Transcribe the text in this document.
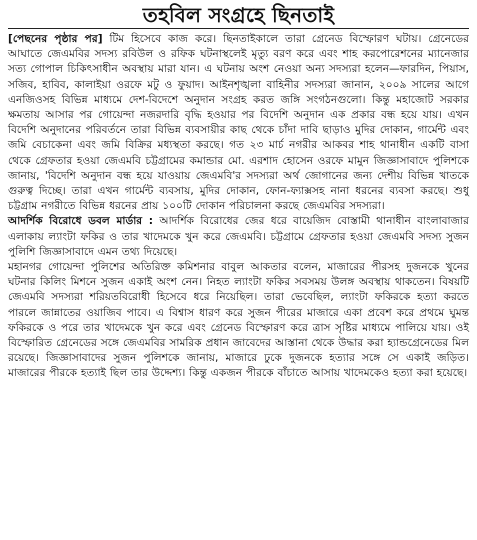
তহবিল সংগ্রহে ছিনতাই

[পেছনের পৃষ্ঠার পর] টিম হিসেবে কাজ করে। ছিনতাইকালে তারা গ্রেনেড বিস্ফোরণ ঘটায়। গ্রেনেডের আঘাতে জেএমবির সদস্য রবিউল ও রফিক ঘটনাস্থলেই মৃত্যু বরণ করে এবং শাহ করপোরেশনের ম্যানেজার সত্য গোপাল চিকিৎসাধীন অবস্থায় মারা যান। এ ঘটনায় অংশ নেওয়া অন্য সদস্যরা হলেন—ফারদিন, পিয়াস, সজিব, হাবিব, কালাইয়া ওরফে মটু ও ফুয়াদ। আইনশৃঙ্খলা বাহিনীর সদস্যরা জানান, ২০০৯ সালের আগে এনজিওসহ বিভিন্ন মাধ্যমে দেশ-বিদেশে অনুদান সংগ্রহ করত জঙ্গি সংগঠনগুলো। কিন্তু মহাজোট সরকার ক্ষমতায় আসার পর গোয়েন্দা নজরদারি বৃদ্ধি হওয়ার পর বিদেশি অনুদান এক প্রকার বন্ধ হয়ে যায়। এখন বিদেশি অনুদানের পরিবর্তনে তারা বিভিন্ন ব্যবসায়ীর কাছ থেকে চাঁদা দাবি ছাড়াও মুদির দোকান, গার্মেন্ট এবং জমি বেচাকেনা এবং জমি বিক্রির মধ্যস্থতা করছে। গত ২৩ মার্চ নগরীর আকবর শাহ থানাধীন একটি বাসা থেকে গ্রেফতার হওয়া জেএমবি চট্টগ্রামের কমান্ডার মো. এরশাদ হোসেন ওরফে মামুন জিজ্ঞাসাবাদে পুলিশকে জানায়, 'বিদেশি অনুদান বন্ধ হয়ে যাওয়ায় জেএমবি'র সদস্যরা অর্থ জোগানের জন্য দেশীয় বিভিন্ন খাতকে গুরুত্ব দিচ্ছে। তারা এখন গার্মেন্ট ব্যবসায়, মুদির দোকান, ফোন-ফ্যাক্সসহ নানা ধরনের ব্যবসা করছে। শুধু চট্টগ্রাম নগরীতে বিভিন্ন ধরনের প্রায় ১০০টি দোকান পরিচালনা করছে জেএমবির সদস্যরা।

আদর্শিক বিরোধে ডবল মার্ডার : আদর্শিক বিরোধের জের ধরে বায়েজিদ বোস্তামী থানাধীন বাংলাবাজার এলাকায় ল্যাংটা ফকির ও তার খাদেমকে খুন করে জেএমবি। চট্টগ্রামে গ্রেফতার হওয়া জেএমবি সদস্য সুজন পুলিশি জিজ্ঞাসাবাদে এমন তথ্য দিয়েছে।

মহানগর গোয়েন্দা পুলিশের অতিরিক্ত কমিশনার বাবুল আকতার বলেন, মাজারের পীরসহ দুজনকে খুনের ঘটনার কিলিং মিশনে সুজন একাই অংশ নেন। নিহত ল্যাংটা ফকির সবসময় উলঙ্গ অবস্থায় থাকতেন। বিষয়টি জেএমবি সদস্যরা শরিয়তবিরোধী হিসেবে ধরে নিয়েছিল। তারা ভেবেছিল, ল্যাংটা ফকিরকে হত্যা করতে পারলে জান্নাতের ওয়াজিব পাবে। এ বিশ্বাস ধারণ করে সুজন পীরের মাজারে একা প্রবেশ করে প্রথমে ঘুমন্ত ফকিরকে ও পরে তার খাদেমকে খুন করে এবং গ্রেনেড বিস্ফোরণ করে ত্রাস সৃষ্টির মাধ্যমে পালিয়ে যায়। ওই বিস্ফোরিত গ্রেনেডের সঙ্গে জেএমবির সামরিক প্রধান জাবেদের আস্তানা থেকে উদ্ধার করা হ্যান্ডগ্রেনেডের মিল রয়েছে। জিজ্ঞাসাবাদের সুজন পুলিশকে জানায়, মাজারে ঢুকে দুজনকে হত্যার সঙ্গে সে একাই জড়িত। মাজারের পীরকে হত্যাই ছিল তার উদ্দেশ্য। কিন্তু একজন পীরকে বাঁচাতে আসায় খাদেমকেও হত্যা করা হয়েছে।
